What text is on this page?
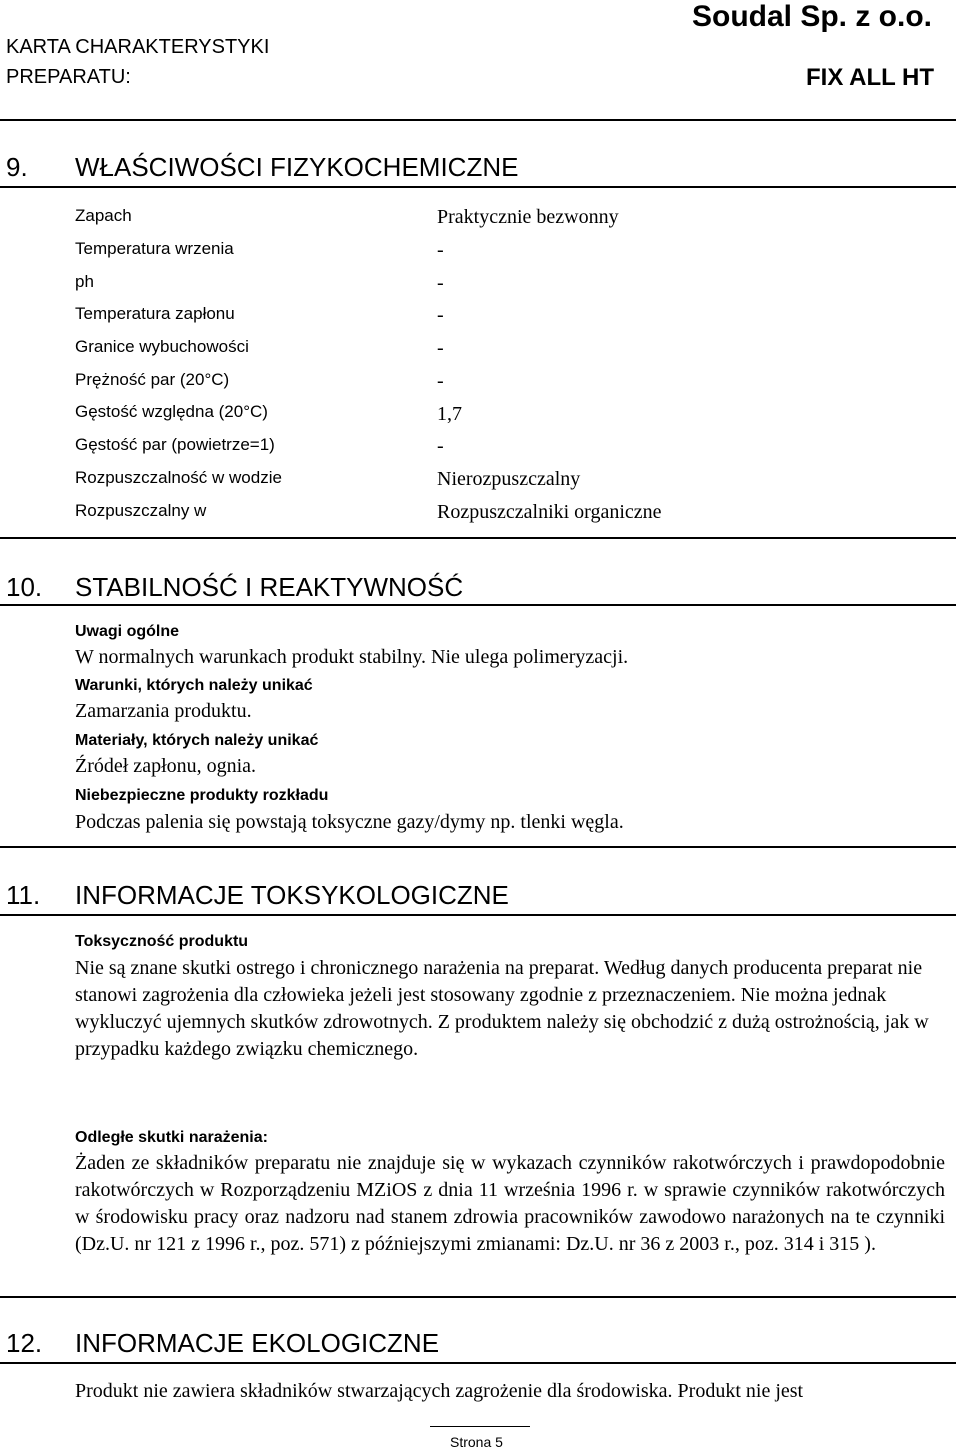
Soudal Sp. z o.o.
KARTA CHARAKTERYSTYKI
PREPARATU:	FIX ALL HT
9. WŁAŚCIWOŚCI FIZYKOCHEMICZNE
Zapach	Praktycznie bezwonny
Temperatura wrzenia	-
ph	-
Temperatura zapłonu	-
Granice wybuchowości	-
Prężność par (20°C)	-
Gęstość względna (20°C)	1,7
Gęstość par (powietrze=1)	-
Rozpuszczalność w wodzie	Nierozpuszczalny
Rozpuszczalny w	Rozpuszczalniki organiczne
10. STABILNOŚĆ I REAKTYWNOŚĆ
Uwagi ogólne
W normalnych warunkach produkt stabilny. Nie ulega polimeryzacji.
Warunki, których należy unikać
Zamarzania produktu.
Materiały, których należy unikać
Źródeł zapłonu, ognia.
Niebezpieczne produkty rozkładu
Podczas palenia się powstają toksyczne gazy/dymy np. tlenki węgla.
11. INFORMACJE TOKSYKOLOGICZNE
Toksyczność produktu
Nie są znane skutki ostrego i chronicznego narażenia na preparat. Według danych producenta preparat nie stanowi zagrożenia dla człowieka jeżeli jest stosowany zgodnie z przeznaczeniem. Nie można jednak wykluczyć ujemnych skutków zdrowotnych. Z produktem należy się obchodzić z dużą ostrożnością, jak w przypadku każdego związku chemicznego.
Odległe skutki narażenia:
Żaden ze składników preparatu nie znajduje się w wykazach czynników rakotwórczych i prawdopodobnie rakotwórczych w Rozporządzeniu MZiOS z dnia 11 września 1996 r. w sprawie czynników rakotwórczych w środowisku pracy oraz nadzoru nad stanem zdrowia pracowników zawodowo narażonych na te czynniki (Dz.U. nr 121 z 1996 r., poz. 571) z późniejszymi zmianami: Dz.U. nr 36 z 2003 r., poz. 314 i 315 ).
12. INFORMACJE EKOLOGICZNE
Produkt nie zawiera składników stwarzających zagrożenie dla środowiska. Produkt nie jest
Strona 5
